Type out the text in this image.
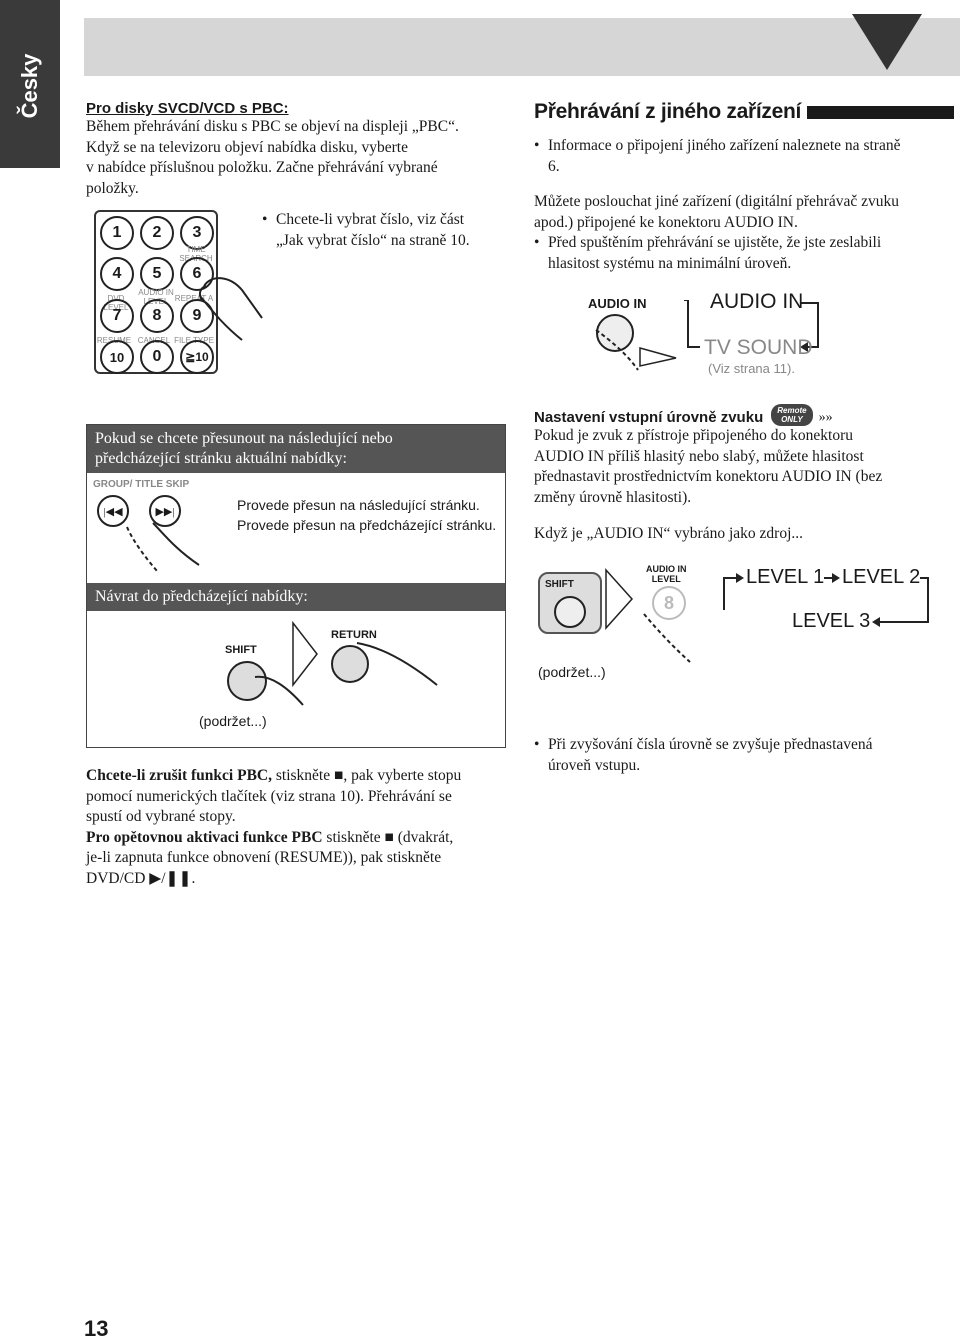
Česky	Pro disky SVCD/VCD s PBC:

Během přehrávání disku s PBC se objeví na displeji „PBC“.

Když se na televizoru objeví nabídka disku, vyberte

v nabídce příslušnou položku. Začne přehrávání vybrané

položky.

1	2	3
TIME SEARCH
4	5	6
DVD LEVEL
AUDIO IN LEVEL REPEAT A
7	8	9
RESUME CANCEL FILE TYPE
10	0	≧10
• Chcete-li vybrat číslo, viz část
„Jak vybrat číslo“ na straně 10.
Přehrávání z jiného zařízení
• Informace o připojení jiného zařízení naleznete na straně
6.

Můžete poslouchat jiné zařízení (digitální přehrávač zvuku

apod.) připojené ke konektoru AUDIO IN.

• Před spuštěním přehrávání se ujistěte, že jste zeslabili
hlasitost systému na minimální úroveň.
AUDIO IN	AUDIO IN
TV SOUND
(Viz strana 11).
Pokud se chcete přesunout na následující nebo
předcházející stránku aktuální nabídky:
GROUP/ TITLE SKIP
|◀◀	▶▶|	Provede přesun na následující stránku.
Provede přesun na předcházející stránku.
Návrat do předcházející nabídky:
SHIFT
RETURN
(podržet...)
Nastavení vstupní úrovně zvuku	Remote
ONLY	»»

Pokud je zvuk z přístroje připojeného do konektoru

AUDIO IN příliš hlasitý nebo slabý, můžete hlasitost

přednastavit prostřednictvím konektoru AUDIO IN (bez

změny úrovně hlasitosti).

Když je „AUDIO IN“ vybráno jako zdroj...

SHIFT
AUDIO IN
LEVEL
8
LEVEL 1 LEVEL 2
LEVEL 3
(podržet...)
• Při zvyšování čísla úrovně se zvyšuje přednastavená
úroveň vstupu.

Chcete-li zrušit funkci PBC, stiskněte ■, pak vyberte stopu

pomocí numerických tlačítek (viz strana 10). Přehrávání se

spustí od vybrané stopy.

Pro opětovnou aktivaci funkce PBC stiskněte ■ (dvakrát,

je-li zapnuta funkce obnovení (RESUME)), pak stiskněte

DVD/CD ▶/❚❚.

13
